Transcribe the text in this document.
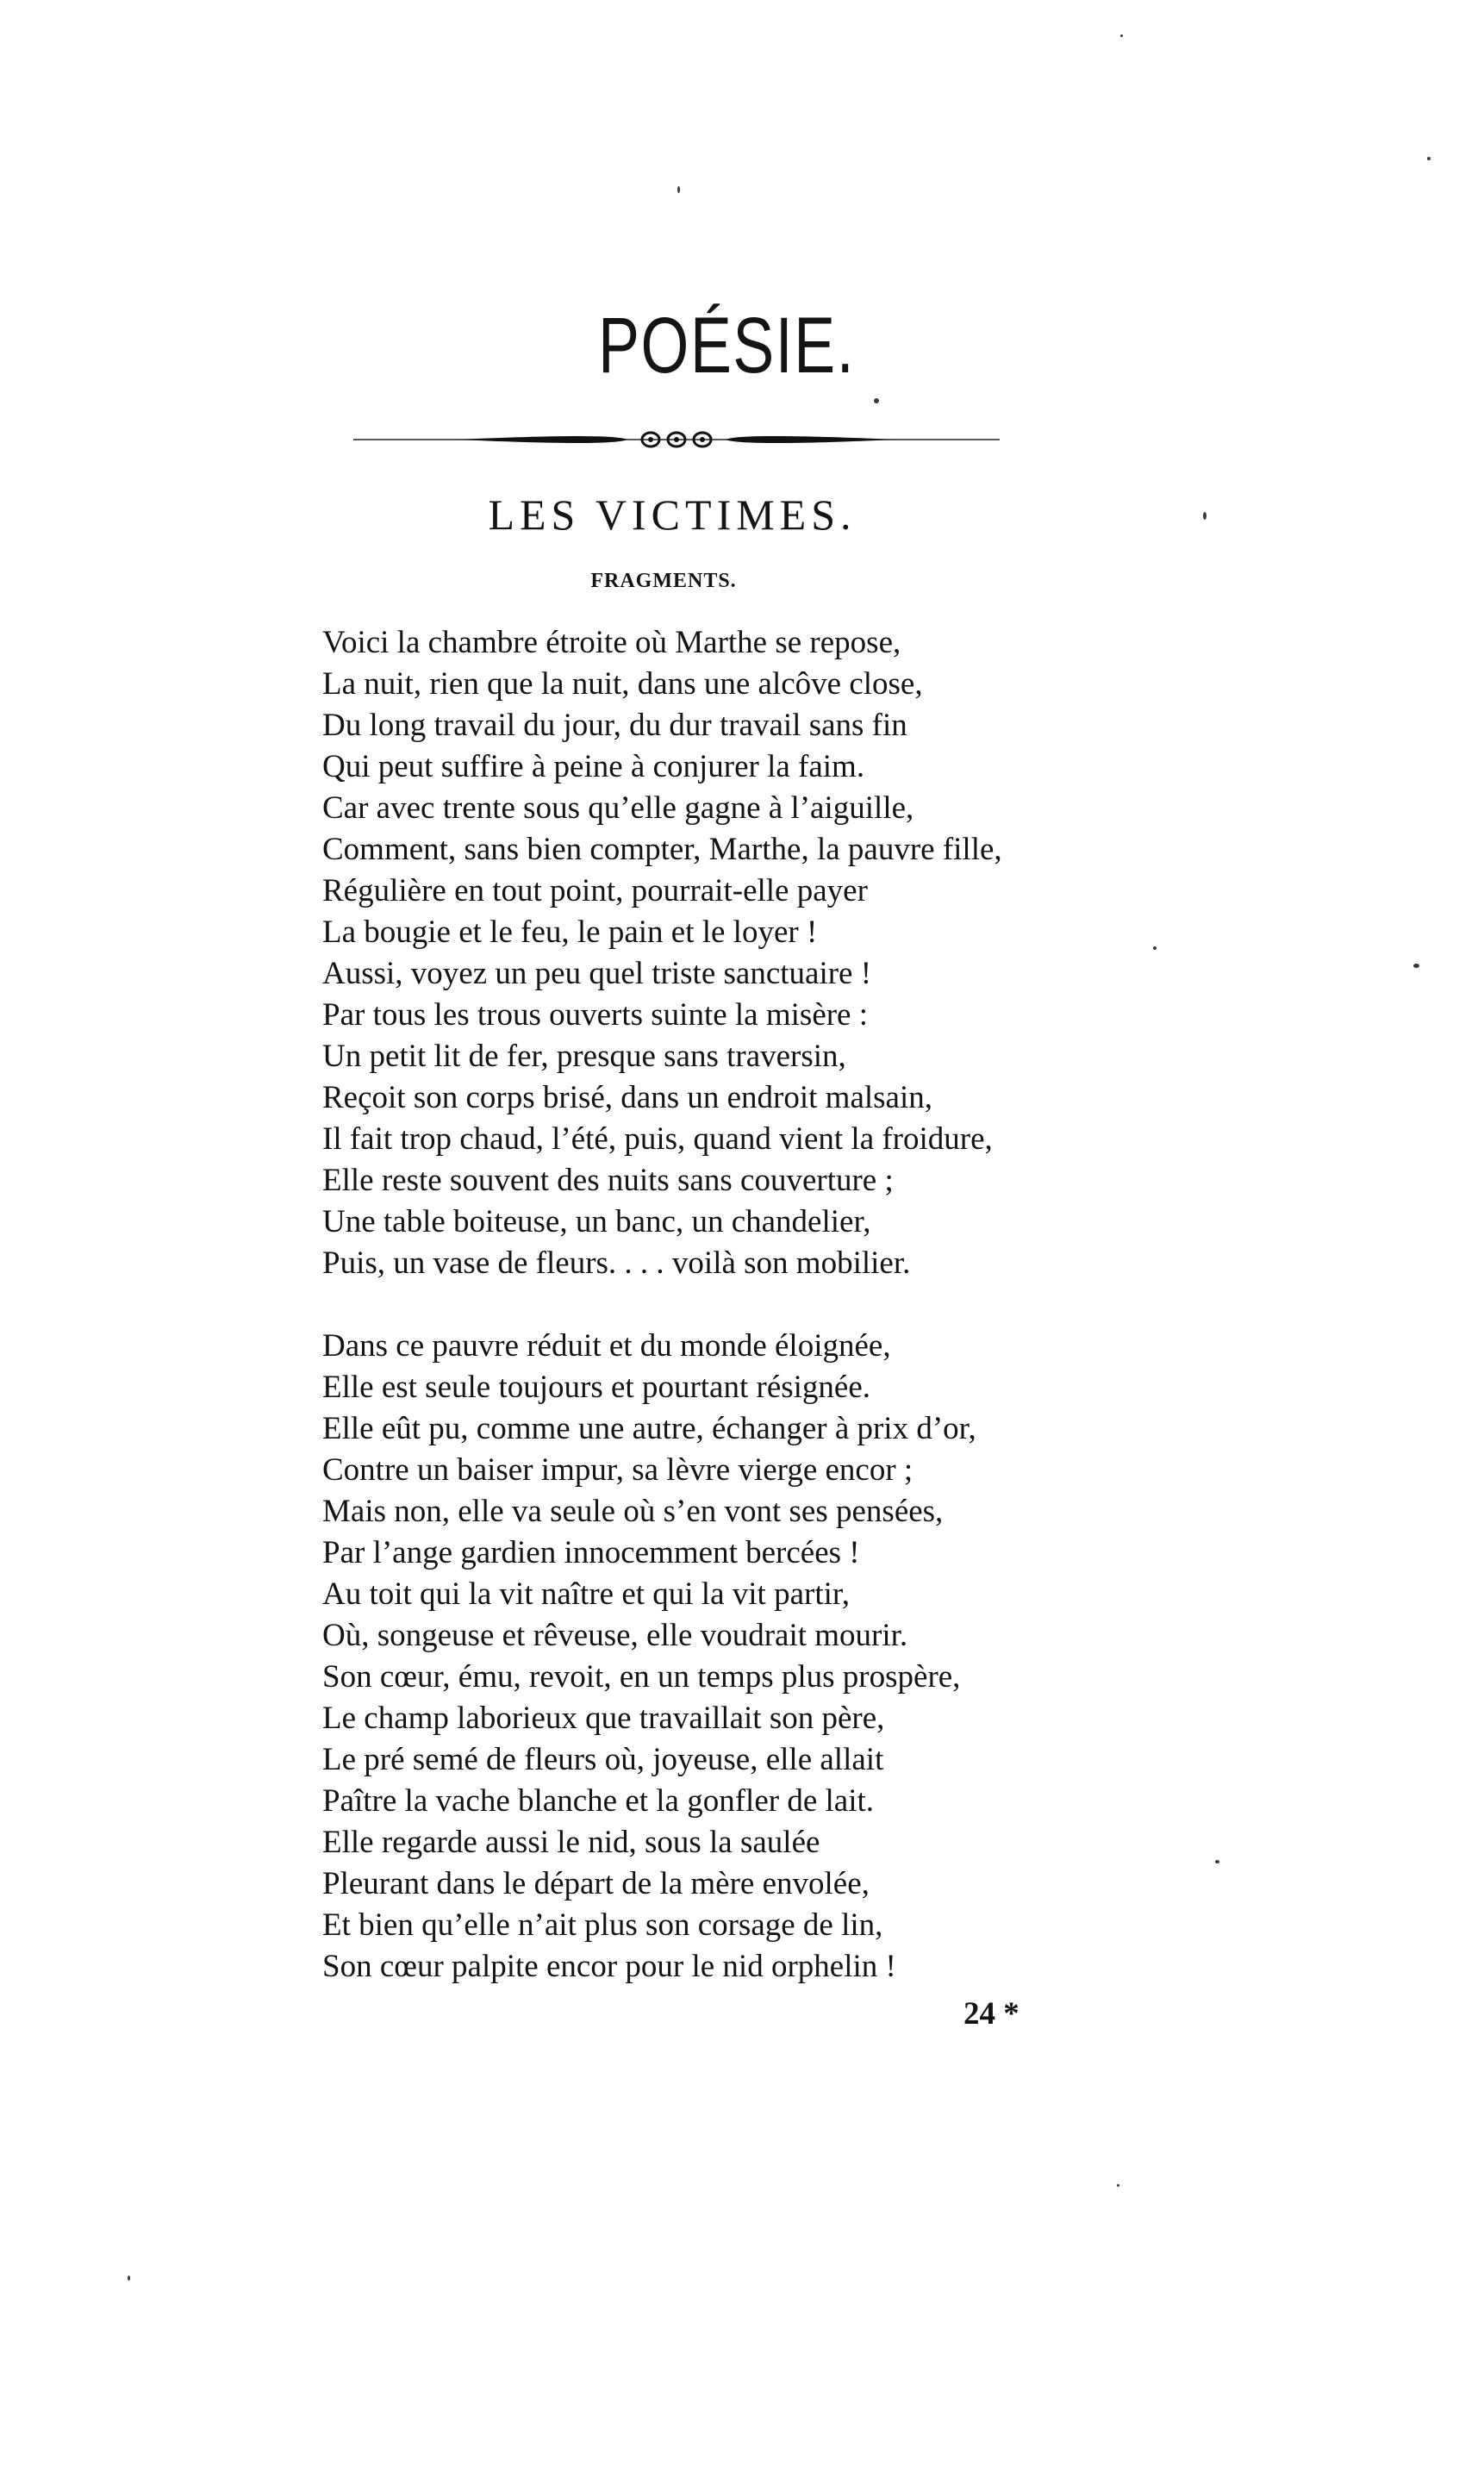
POÉSIE.
LES VICTIMES.
FRAGMENTS.
Voici la chambre étroite où Marthe se repose,
La nuit, rien que la nuit, dans une alcôve close,
Du long travail du jour, du dur travail sans fin
Qui peut suffire à peine à conjurer la faim.
Car avec trente sous qu’elle gagne à l’aiguille,
Comment, sans bien compter, Marthe, la pauvre fille,
Régulière en tout point, pourrait-elle payer
La bougie et le feu, le pain et le loyer !
Aussi, voyez un peu quel triste sanctuaire !
Par tous les trous ouverts suinte la misère :
Un petit lit de fer, presque sans traversin,
Reçoit son corps brisé, dans un endroit malsain,
Il fait trop chaud, l’été, puis, quand vient la froidure,
Elle reste souvent des nuits sans couverture ;
Une table boiteuse, un banc, un chandelier,
Puis, un vase de fleurs. . . . voilà son mobilier.
Dans ce pauvre réduit et du monde éloignée,
Elle est seule toujours et pourtant résignée.
Elle eût pu, comme une autre, échanger à prix d’or,
Contre un baiser impur, sa lèvre vierge encor ;
Mais non, elle va seule où s’en vont ses pensées,
Par l’ange gardien innocemment bercées !
Au toit qui la vit naître et qui la vit partir,
Où, songeuse et rêveuse, elle voudrait mourir.
Son cœur, ému, revoit, en un temps plus prospère,
Le champ laborieux que travaillait son père,
Le pré semé de fleurs où, joyeuse, elle allait
Paître la vache blanche et la gonfler de lait.
Elle regarde aussi le nid, sous la saulée
Pleurant dans le départ de la mère envolée,
Et bien qu’elle n’ait plus son corsage de lin,
Son cœur palpite encor pour le nid orphelin !
24 *
